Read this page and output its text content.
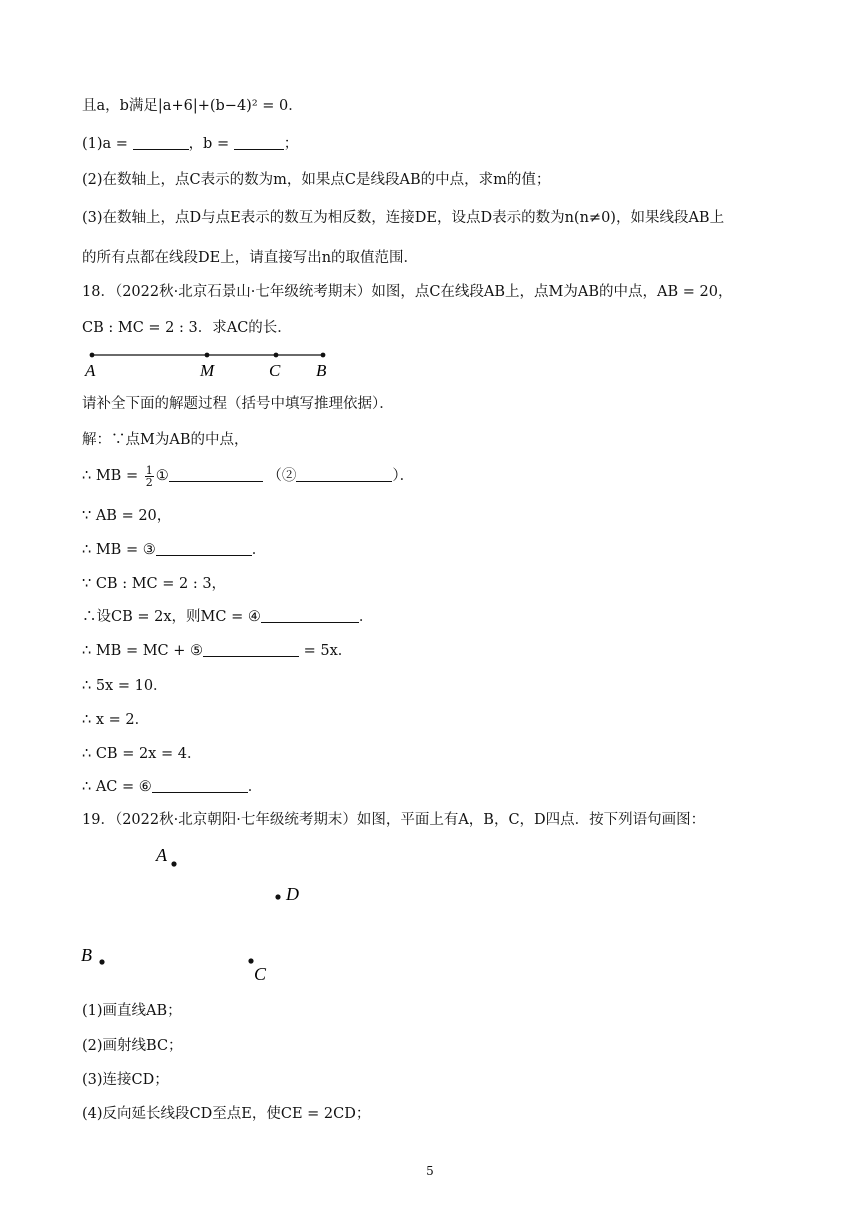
且a，b满足|a+6|+(b−4)² = 0．
(1)a =	，b =	；
(2)在数轴上，点C表示的数为m，如果点C是线段AB的中点，求m的值；
(3)在数轴上，点D与点E表示的数互为相反数，连接DE，设点D表示的数为n(n≠0)，如果线段AB上
的所有点都在线段DE上，请直接写出n的取值范围．
18．（2022秋·北京石景山·七年级统考期末）如图，点C在线段AB上，点M为AB的中点，AB = 20，
CB : MC = 2 : 3．求AC的长．
A	M	C B
请补全下面的解题过程（括号中填写推理依据）．
解：∵点M为AB的中点，
∴ MB = $\frac{1}{2}$ ①	（②	）．
∵ AB = 20，
∴ MB = ③	．
∵ CB : MC = 2 : 3，
∴设CB = 2x，则MC = ④	．
∴ MB = MC + ⑤	= 5x．
∴ 5x = 10．
∴ x = 2．
∴ CB = 2x = 4．
∴ AC = ⑥	．
19．（2022秋·北京朝阳·七年级统考期末）如图，平面上有A，B，C，D四点．按下列语句画图：
A
D
B
C
(1)画直线AB；
(2)画射线BC；
(3)连接CD；
(4)反向延长线段CD至点E，使CE = 2CD；
5
